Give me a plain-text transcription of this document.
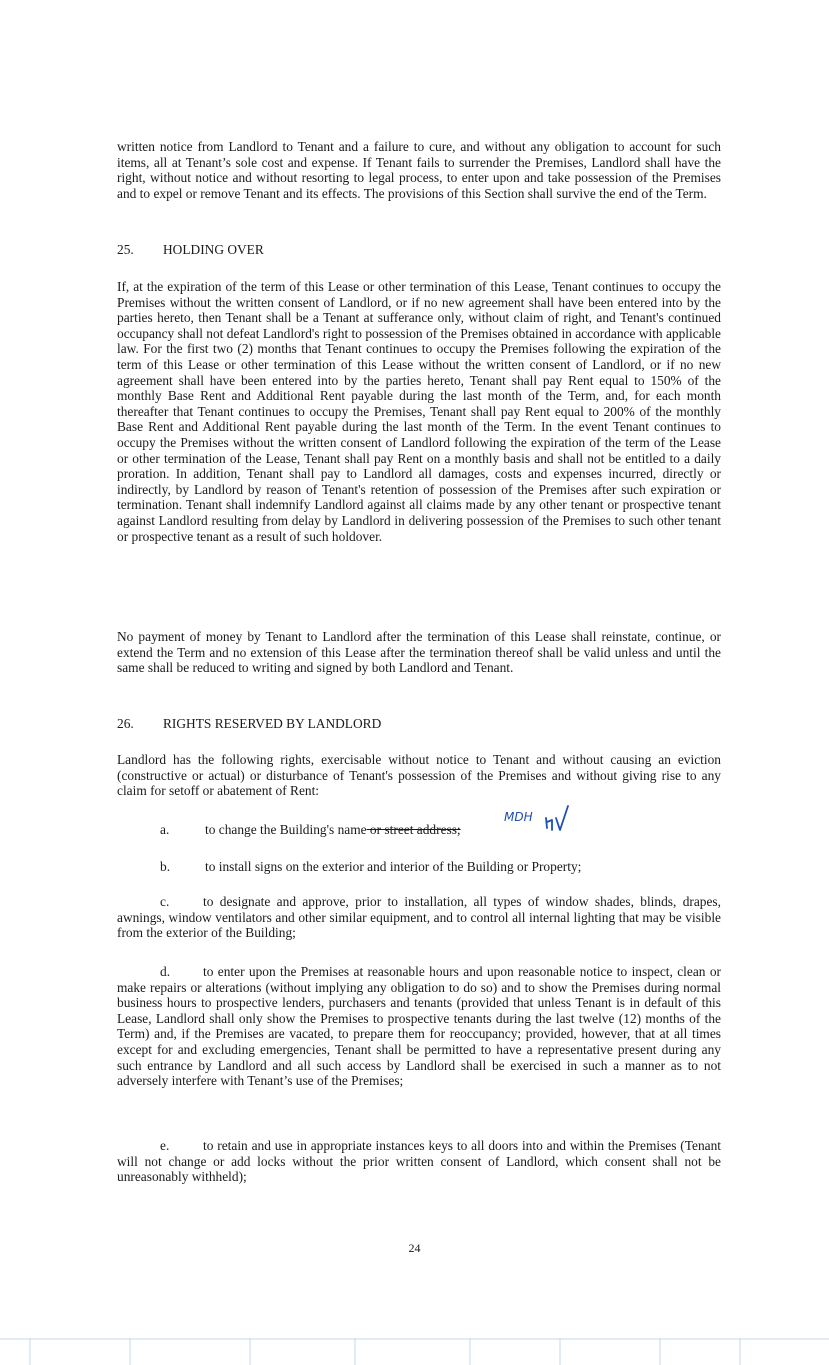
written notice from Landlord to Tenant and a failure to cure, and without any obligation to account for such items, all at Tenant’s sole cost and expense. If Tenant fails to surrender the Premises, Landlord shall have the right, without notice and without resorting to legal process, to enter upon and take possession of the Premises and to expel or remove Tenant and its effects. The provisions of this Section shall survive the end of the Term.

25. HOLDING OVER

If, at the expiration of the term of this Lease or other termination of this Lease, Tenant continues to occupy the Premises without the written consent of Landlord, or if no new agreement shall have been entered into by the parties hereto, then Tenant shall be a Tenant at sufferance only, without claim of right, and Tenant's continued occupancy shall not defeat Landlord's right to possession of the Premises obtained in accordance with applicable law. For the first two (2) months that Tenant continues to occupy the Premises following the expiration of the term of this Lease or other termination of this Lease without the written consent of Landlord, or if no new agreement shall have been entered into by the parties hereto, Tenant shall pay Rent equal to 150% of the monthly Base Rent and Additional Rent payable during the last month of the Term, and, for each month thereafter that Tenant continues to occupy the Premises, Tenant shall pay Rent equal to 200% of the monthly Base Rent and Additional Rent payable during the last month of the Term. In the event Tenant continues to occupy the Premises without the written consent of Landlord following the expiration of the term of the Lease or other termination of the Lease, Tenant shall pay Rent on a monthly basis and shall not be entitled to a daily proration. In addition, Tenant shall pay to Landlord all damages, costs and expenses incurred, directly or indirectly, by Landlord by reason of Tenant's retention of possession of the Premises after such expiration or termination. Tenant shall indemnify Landlord against all claims made by any other tenant or prospective tenant against Landlord resulting from delay by Landlord in delivering possession of the Premises to such other tenant or prospective tenant as a result of such holdover.

No payment of money by Tenant to Landlord after the termination of this Lease shall reinstate, continue, or extend the Term and no extension of this Lease after the termination thereof shall be valid unless and until the same shall be reduced to writing and signed by both Landlord and Tenant.

26. RIGHTS RESERVED BY LANDLORD

Landlord has the following rights, exercisable without notice to Tenant and without causing an eviction (constructive or actual) or disturbance of Tenant's possession of the Premises and without giving rise to any claim for setoff or abatement of Rent:

a.	to change the Building's name or street address;
MDH
b.	to install signs on the exterior and interior of the Building or Property;
c.	to designate and approve, prior to installation, all types of window shades, blinds, drapes, awnings, window ventilators and other similar equipment, and to control all internal lighting that may be visible from the exterior of the Building;
d. to enter upon the Premises at reasonable hours and upon reasonable notice to inspect, clean or make repairs or alterations (without implying any obligation to do so) and to show the Premises during normal business hours to prospective lenders, purchasers and tenants (provided that unless Tenant is in default of this Lease, Landlord shall only show the Premises to prospective tenants during the last twelve (12) months of the Term) and, if the Premises are vacated, to prepare them for reoccupancy; provided, however, that at all times except for and excluding emergencies, Tenant shall be permitted to have a representative present during any such entrance by Landlord and all such access by Landlord shall be exercised in such a manner as to not adversely interfere with Tenant’s use of the Premises;
e.	to retain and use in appropriate instances keys to all doors into and within the Premises (Tenant will not change or add locks without the prior written consent of Landlord, which consent shall not be unreasonably withheld);
24
